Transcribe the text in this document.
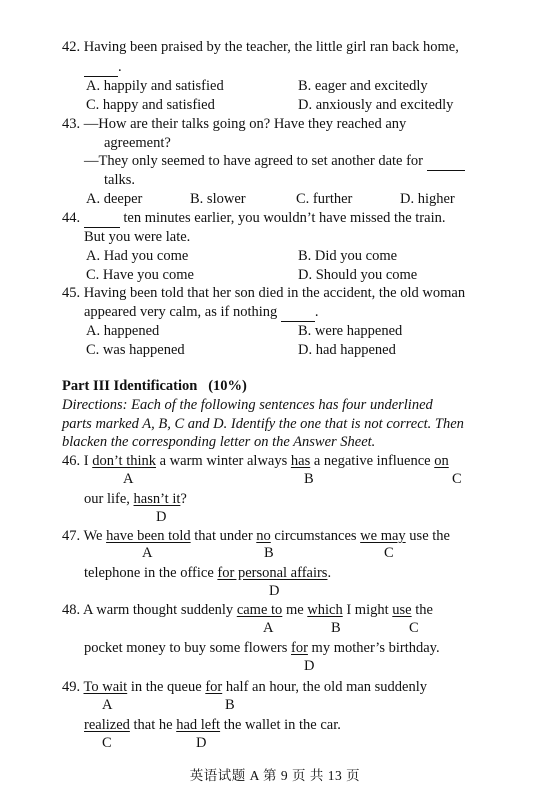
42. Having been praised by the teacher, the little girl ran back home,
.
A. happily and satisfied	B. eager and excitedly
C. happy and satisfied	D. anxiously and excitedly
43. —How are their talks going on? Have they reached any
agreement?
—They only seemed to have agreed to set another date for
talks.
A. deeper	B. slower	C. further	D. higher
44.	ten minutes earlier, you wouldn’t have missed the train.
But you were late.
A. Had you come	B. Did you come
C. Have you come	D. Should you come
45. Having been told that her son died in the accident, the old woman
appeared very calm, as if nothing	.
A. happened	B. were happened
C. was happened	D. had happened
Part III Identification (10%)
Directions: Each of the following sentences has four underlined
parts marked A, B, C and D. Identify the one that is not correct. Then
blacken the corresponding letter on the Answer Sheet.
46. I don’t think a warm winter always has a negative influence on
A	B	C
our life, hasn’t it?
D
47. We have been told that under no circumstances we may use the
A	B	C
telephone in the office for personal affairs.
D
48. A warm thought suddenly came to me which I might use the
A	B	C
pocket money to buy some flowers for my mother’s birthday.
D
49. To wait in the queue for half an hour, the old man suddenly
A	B
realized that he had left the wallet in the car.
C	D
英语试题 A 第 9 页 共 13 页
